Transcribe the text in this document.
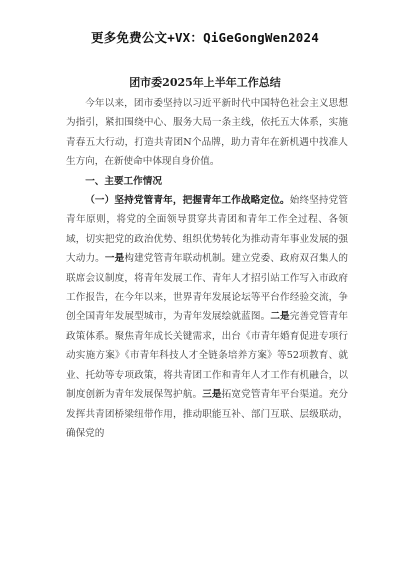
更多免费公文+VX：QiGeGongWen2024
团市委2025年上半年工作总结

今年以来，团市委坚持以习近平新时代中国特色社会主义思想为指引，紧扣围绕中心、服务大局一条主线，依托五大体系，实施青春五大行动，打造共青团N个品牌，助力青年在新机遇中找准人生方向，在新使命中体现自身价值。

一、主要工作情况

（一）坚持党管青年，把握青年工作战略定位。始终坚持党管青年原则，将党的全面领导贯穿共青团和青年工作全过程、各领域，切实把党的政治优势、组织优势转化为推动青年事业发展的强大动力。一是构建党管青年联动机制。建立党委、政府双召集人的联席会议制度，将青年发展工作、青年人才招引站工作写入市政府工作报告，在今年以来，世界青年发展论坛等平台作经验交流，争创全国青年发展型城市，为青年发展绘就蓝图。二是完善党管青年政策体系。聚焦青年成长关键需求，出台《市青年婚育促进专项行动实施方案》《市青年科技人才全链条培养方案》等52项教育、就业、托幼等专项政策，将共青团工作和青年人才工作有机融合，以制度创新为青年发展保驾护航。三是拓宽党管青年平台渠道。充分发挥共青团桥梁纽带作用，推动职能互补、部门互联、层级联动，确保党的
